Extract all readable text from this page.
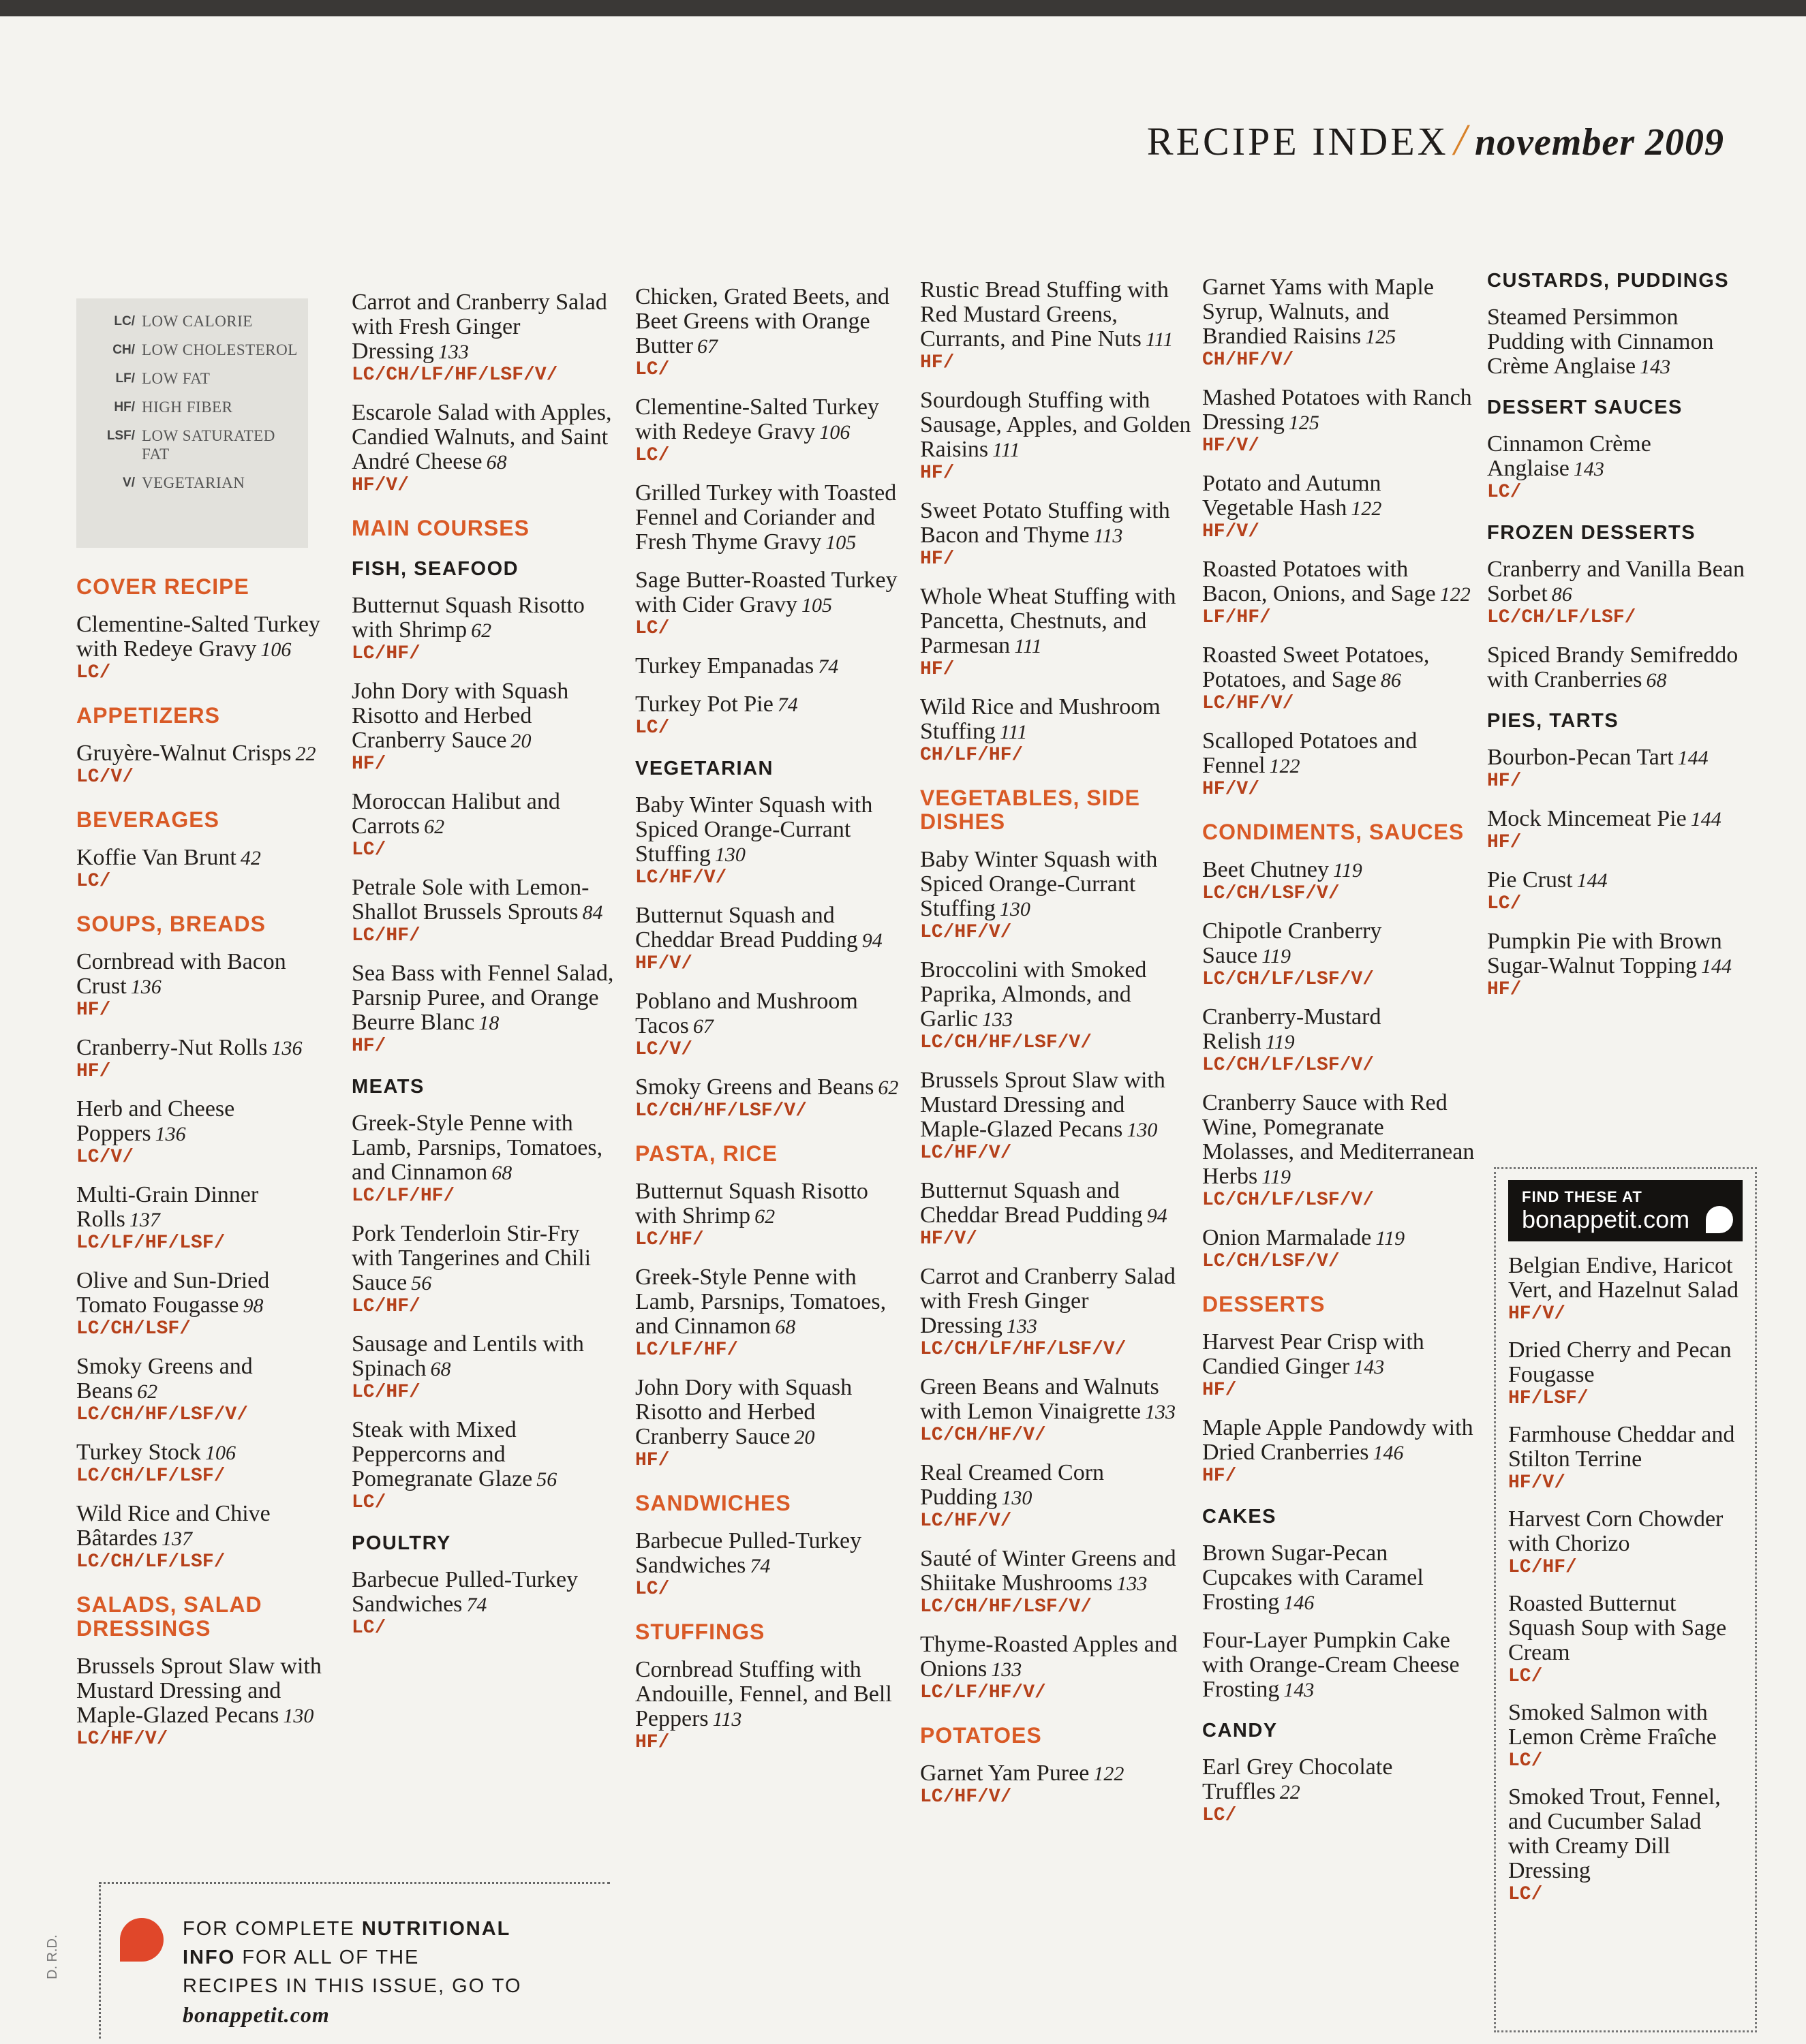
RECIPE INDEX / november 2009
LC/ LOW CALORIE
CH/ LOW CHOLESTEROL
LF/ LOW FAT
HF/ HIGH FIBER
LSF/ LOW SATURATED FAT
V/ VEGETARIAN
COVER RECIPE
Clementine-Salted Turkey with Redeye Gravy 106
LC/
APPETIZERS
Gruyère-Walnut Crisps 22
LC/V/
BEVERAGES
Koffie Van Brunt 42
LC/
SOUPS, BREADS
Cornbread with Bacon Crust 136
HF/
Cranberry-Nut Rolls 136
HF/
Herb and Cheese Poppers 136
LC/V/
Multi-Grain Dinner Rolls 137
LC/LF/HF/LSF/
Olive and Sun-Dried Tomato Fougasse 98
LC/CH/LSF/
Smoky Greens and Beans 62
LC/CH/HF/LSF/V/
Turkey Stock 106
LC/CH/LF/LSF/
Wild Rice and Chive Bâtardes 137
LC/CH/LF/LSF/
SALADS, SALAD DRESSINGS
Brussels Sprout Slaw with Mustard Dressing and Maple-Glazed Pecans 130
LC/HF/V/
Carrot and Cranberry Salad with Fresh Ginger Dressing 133
LC/CH/LF/HF/LSF/V/
Escarole Salad with Apples, Candied Walnuts, and Saint André Cheese 68
HF/V/
MAIN COURSES
FISH, SEAFOOD
Butternut Squash Risotto with Shrimp 62
LC/HF/
John Dory with Squash Risotto and Herbed Cranberry Sauce 20
HF/
Moroccan Halibut and Carrots 62
LC/
Petrale Sole with Lemon-Shallot Brussels Sprouts 84
LC/HF/
Sea Bass with Fennel Salad, Parsnip Puree, and Orange Beurre Blanc 18
HF/
MEATS
Greek-Style Penne with Lamb, Parsnips, Tomatoes, and Cinnamon 68
LC/LF/HF/
Pork Tenderloin Stir-Fry with Tangerines and Chili Sauce 56
LC/HF/
Sausage and Lentils with Spinach 68
LC/HF/
Steak with Mixed Peppercorns and Pomegranate Glaze 56
LC/
POULTRY
Barbecue Pulled-Turkey Sandwiches 74
LC/
Chicken, Grated Beets, and Beet Greens with Orange Butter 67
LC/
Clementine-Salted Turkey with Redeye Gravy 106
LC/
Grilled Turkey with Toasted Fennel and Coriander and Fresh Thyme Gravy 105
Sage Butter-Roasted Turkey with Cider Gravy 105
LC/
Turkey Empanadas 74
Turkey Pot Pie 74
LC/
VEGETARIAN
Baby Winter Squash with Spiced Orange-Currant Stuffing 130
LC/HF/V/
Butternut Squash and Cheddar Bread Pudding 94
HF/V/
Poblano and Mushroom Tacos 67
LC/V/
Smoky Greens and Beans 62
LC/CH/HF/LSF/V/
PASTA, RICE
Butternut Squash Risotto with Shrimp 62
LC/HF/
Greek-Style Penne with Lamb, Parsnips, Tomatoes, and Cinnamon 68
LC/LF/HF/
John Dory with Squash Risotto and Herbed Cranberry Sauce 20
HF/
SANDWICHES
Barbecue Pulled-Turkey Sandwiches 74
LC/
STUFFINGS
Cornbread Stuffing with Andouille, Fennel, and Bell Peppers 113
HF/
Rustic Bread Stuffing with Red Mustard Greens, Currants, and Pine Nuts 111
HF/
Sourdough Stuffing with Sausage, Apples, and Golden Raisins 111
HF/
Sweet Potato Stuffing with Bacon and Thyme 113
HF/
Whole Wheat Stuffing with Pancetta, Chestnuts, and Parmesan 111
HF/
Wild Rice and Mushroom Stuffing 111
CH/LF/HF/
VEGETABLES, SIDE DISHES
Baby Winter Squash with Spiced Orange-Currant Stuffing 130
LC/HF/V/
Broccolini with Smoked Paprika, Almonds, and Garlic 133
LC/CH/HF/LSF/V/
Brussels Sprout Slaw with Mustard Dressing and Maple-Glazed Pecans 130
LC/HF/V/
Butternut Squash and Cheddar Bread Pudding 94
HF/V/
Carrot and Cranberry Salad with Fresh Ginger Dressing 133
LC/CH/LF/HF/LSF/V/
Green Beans and Walnuts with Lemon Vinaigrette 133
LC/CH/HF/V/
Real Creamed Corn Pudding 130
LC/HF/V/
Sauté of Winter Greens and Shiitake Mushrooms 133
LC/CH/HF/LSF/V/
Thyme-Roasted Apples and Onions 133
LC/LF/HF/V/
POTATOES
Garnet Yam Puree 122
LC/HF/V/
Garnet Yams with Maple Syrup, Walnuts, and Brandied Raisins 125
CH/HF/V/
Mashed Potatoes with Ranch Dressing 125
HF/V/
Potato and Autumn Vegetable Hash 122
HF/V/
Roasted Potatoes with Bacon, Onions, and Sage 122
LF/HF/
Roasted Sweet Potatoes, Potatoes, and Sage 86
LC/HF/V/
Scalloped Potatoes and Fennel 122
HF/V/
CONDIMENTS, SAUCES
Beet Chutney 119
LC/CH/LSF/V/
Chipotle Cranberry Sauce 119
LC/CH/LF/LSF/V/
Cranberry-Mustard Relish 119
LC/CH/LF/LSF/V/
Cranberry Sauce with Red Wine, Pomegranate Molasses, and Mediterranean Herbs 119
LC/CH/LF/LSF/V/
Onion Marmalade 119
LC/CH/LSF/V/
DESSERTS
Harvest Pear Crisp with Candied Ginger 143
HF/
Maple Apple Pandowdy with Dried Cranberries 146
HF/
CAKES
Brown Sugar-Pecan Cupcakes with Caramel Frosting 146
Four-Layer Pumpkin Cake with Orange-Cream Cheese Frosting 143
CANDY
Earl Grey Chocolate Truffles 22
LC/
CUSTARDS, PUDDINGS
Steamed Persimmon Pudding with Cinnamon Crème Anglaise 143
DESSERT SAUCES
Cinnamon Crème Anglaise 143
LC/
FROZEN DESSERTS
Cranberry and Vanilla Bean Sorbet 86
LC/CH/LF/LSF/
Spiced Brandy Semifreddo with Cranberries 68
PIES, TARTS
Bourbon-Pecan Tart 144
HF/
Mock Mincemeat Pie 144
HF/
Pie Crust 144
LC/
Pumpkin Pie with Brown Sugar-Walnut Topping 144
HF/
FIND THESE AT
bonappetit.com
Belgian Endive, Haricot Vert, and Hazelnut Salad
HF/V/
Dried Cherry and Pecan Fougasse
HF/LSF/
Farmhouse Cheddar and Stilton Terrine
HF/V/
Harvest Corn Chowder with Chorizo
LC/HF/
Roasted Butternut Squash Soup with Sage Cream
LC/
Smoked Salmon with Lemon Crème Fraîche
LC/
Smoked Trout, Fennel, and Cucumber Salad with Creamy Dill Dressing
LC/
FOR COMPLETE NUTRITIONAL
INFO FOR ALL OF THE
RECIPES IN THIS ISSUE, GO TO
bonappetit.com
D. R.D.
